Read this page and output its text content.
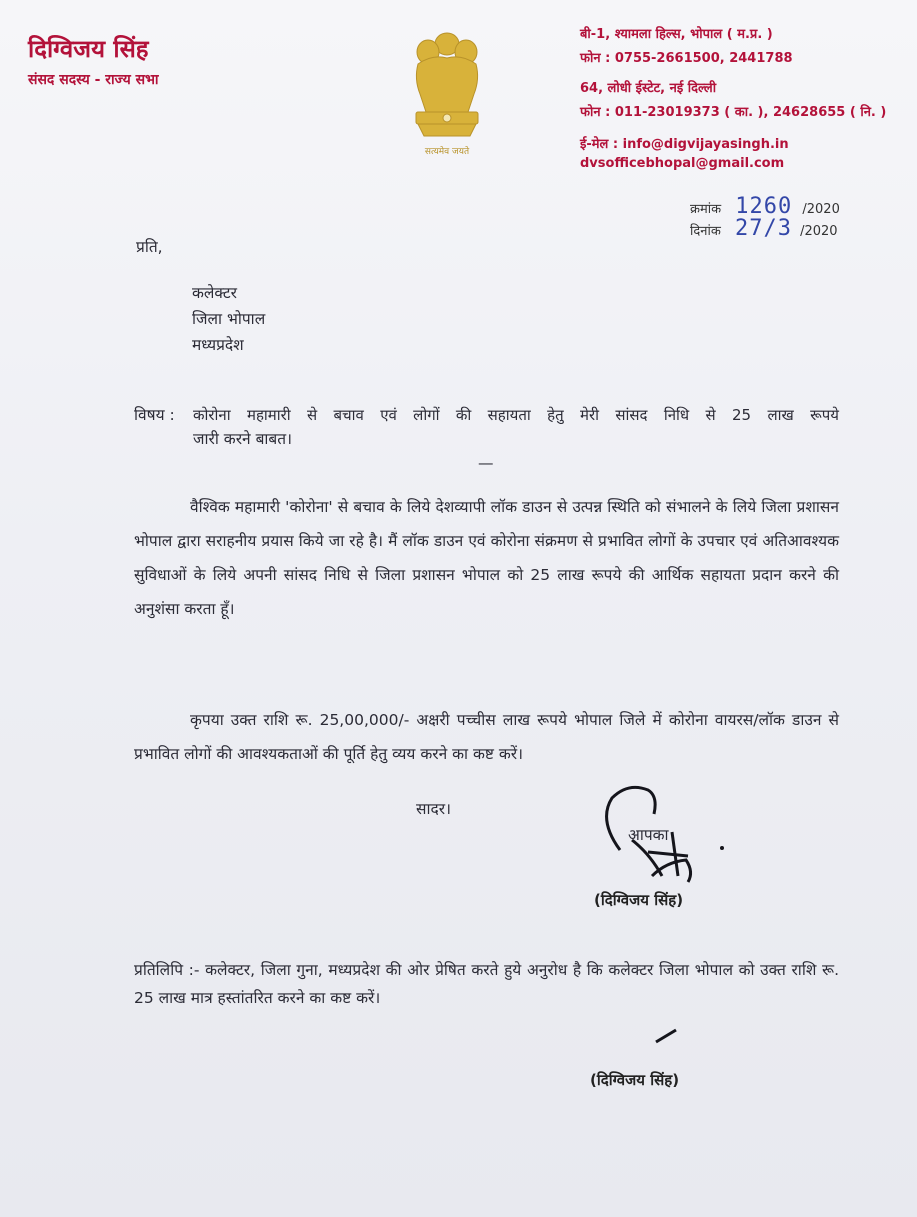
दिग्विजय सिंह
संसद सदस्य - राज्य सभा
सत्यमेव जयते
बी-1, श्यामला हिल्स, भोपाल ( म.प्र. )
फोन : 0755-2661500, 2441788
64, लोधी ईस्टेट, नई दिल्ली
फोन : 011-23019373 ( का. ), 24628655 ( नि. )
ई-मेल : info@digvijayasingh.in
dvsofficebhopal@gmail.com
क्रमांक 1260 /2020
दिनांक 27/3 /2020
प्रति,
कलेक्टर
जिला भोपाल
मध्यप्रदेश
विषय : कोरोना महामारी से बचाव एवं लोगों की सहायता हेतु मेरी सांसद निधि से 25 लाख रूपये
जारी करने बाबत।
—
वैश्विक महामारी 'कोरोना' से बचाव के लिये देशव्यापी लॉक डाउन से उत्पन्न स्थिति को संभालने के लिये जिला प्रशासन भोपाल द्वारा सराहनीय प्रयास किये जा रहे है। मैं लॉक डाउन एवं कोरोना संक्रमण से प्रभावित लोगों के उपचार एवं अतिआवश्यक सुविधाओं के लिये अपनी सांसद निधि से जिला प्रशासन भोपाल को 25 लाख रूपये की आर्थिक सहायता प्रदान करने की अनुशंसा करता हूँ।
कृपया उक्त राशि रू. 25,00,000/- अक्षरी पच्चीस लाख रूपये भोपाल जिले में कोरोना वायरस/लॉक डाउन से प्रभावित लोगों की आवश्यकताओं की पूर्ति हेतु व्यय करने का कष्ट करें।
सादर।
आपका
(दिग्विजय सिंह)
प्रतिलिपि :- कलेक्टर, जिला गुना, मध्यप्रदेश की ओर प्रेषित करते हुये अनुरोध है कि कलेक्टर जिला भोपाल को उक्त राशि रू. 25 लाख मात्र हस्तांतरित करने का कष्ट करें।
(दिग्विजय सिंह)
